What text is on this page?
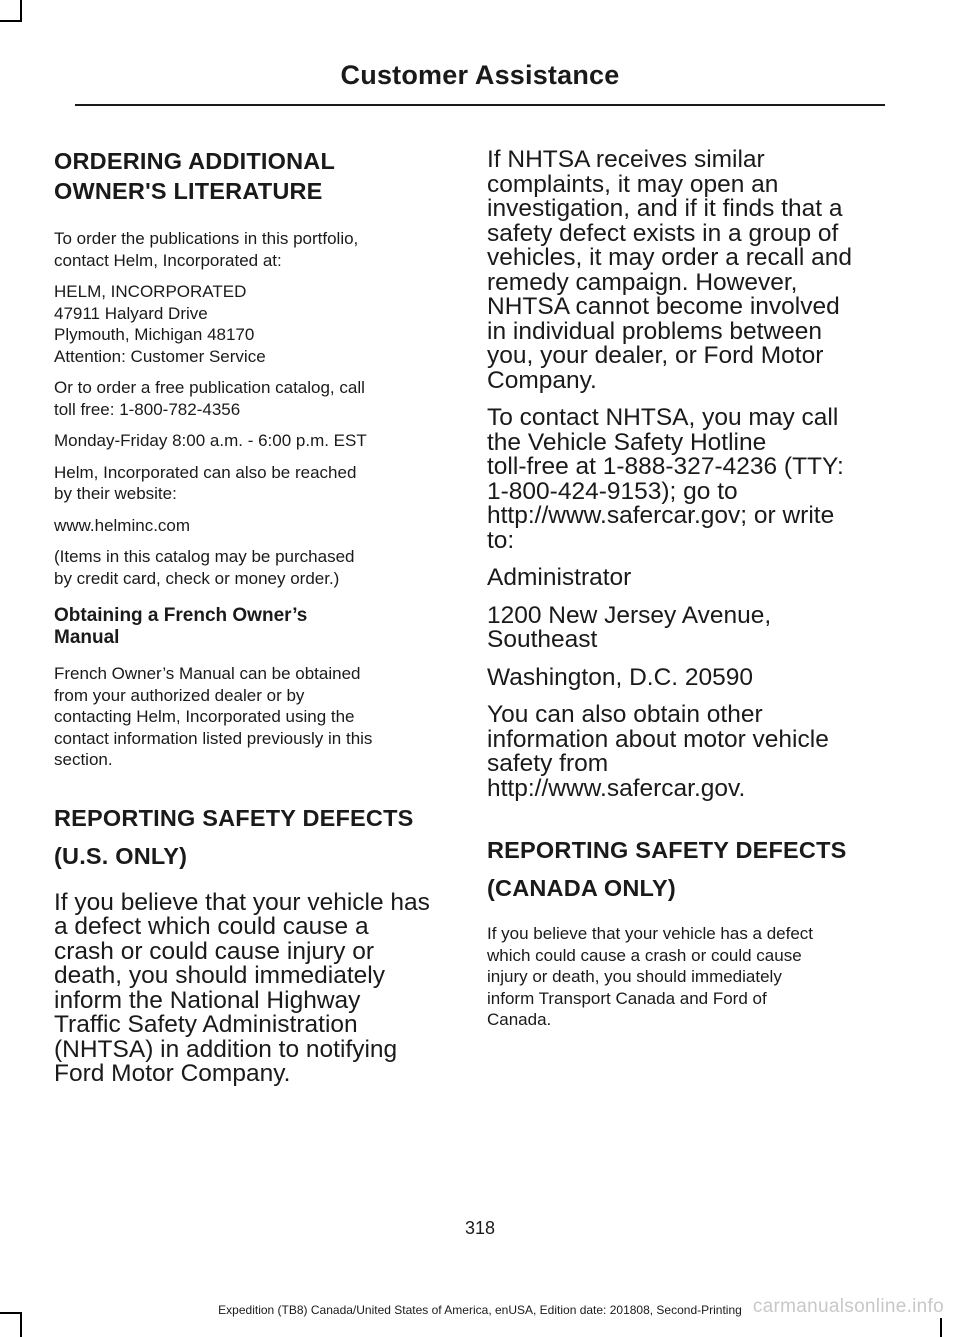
Customer Assistance
ORDERING ADDITIONAL
OWNER'S LITERATURE
To order the publications in this portfolio,
contact Helm, Incorporated at:
HELM, INCORPORATED
47911 Halyard Drive
Plymouth, Michigan 48170
Attention: Customer Service
Or to order a free publication catalog, call
toll free: 1-800-782-4356
Monday-Friday 8:00 a.m. - 6:00 p.m. EST
Helm, Incorporated can also be reached
by their website:
www.helminc.com
(Items in this catalog may be purchased
by credit card, check or money order.)
Obtaining a French Owner’s
Manual
French Owner’s Manual can be obtained
from your authorized dealer or by
contacting Helm, Incorporated using the
contact information listed previously in this
section.
REPORTING SAFETY DEFECTS
(U.S. ONLY)
If you believe that your vehicle has
a defect which could cause a
crash or could cause injury or
death, you should immediately
inform the National Highway
Traffic Safety Administration
(NHTSA) in addition to notifying
Ford Motor Company.
If NHTSA receives similar
complaints, it may open an
investigation, and if it finds that a
safety defect exists in a group of
vehicles, it may order a recall and
remedy campaign. However,
NHTSA cannot become involved
in individual problems between
you, your dealer, or Ford Motor
Company.
To contact NHTSA, you may call
the Vehicle Safety Hotline
toll-free at 1-888-327-4236 (TTY:
1-800-424-9153); go to
http://www.safercar.gov; or write
to:
Administrator
1200 New Jersey Avenue,
Southeast
Washington, D.C. 20590
You can also obtain other
information about motor vehicle
safety from
http://www.safercar.gov.
REPORTING SAFETY DEFECTS
(CANADA ONLY)
If you believe that your vehicle has a defect
which could cause a crash or could cause
injury or death, you should immediately
inform Transport Canada and Ford of
Canada.
318
Expedition (TB8) Canada/United States of America, enUSA, Edition date: 201808, Second-Printing carmanualsonline.info
